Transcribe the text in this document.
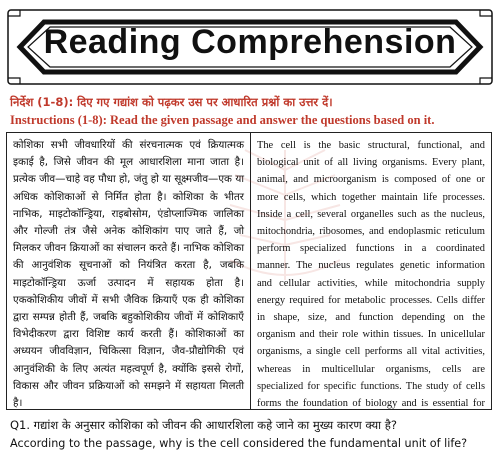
Reading Comprehension
निर्देश (1-8): दिए गए गद्यांश को पढ़कर उस पर आधारित प्रश्नों का उत्तर दें।
Instructions (1-8): Read the given passage and answer the questions based on it.
कोशिका सभी जीवधारियों की संरचनात्मक एवं क्रियात्मक इकाई है, जिसे जीवन की मूल आधारशिला माना जाता है। प्रत्येक जीव—चाहे वह पौधा हो, जंतु हो या सूक्ष्मजीव—एक या अधिक कोशिकाओं से निर्मित होता है। कोशिका के भीतर नाभिक, माइटोकॉन्ड्रिया, राइबोसोम, एंडोप्लाज्मिक जालिका और गोल्जी तंत्र जैसे अनेक कोशिकांग पाए जाते हैं, जो मिलकर जीवन क्रियाओं का संचालन करते हैं। नाभिक कोशिका की आनुवंशिक सूचनाओं को नियंत्रित करता है, जबकि माइटोकॉन्ड्रिया ऊर्जा उत्पादन में सहायक होता है। एककोशिकीय जीवों में सभी जैविक क्रियाएँ एक ही कोशिका द्वारा सम्पन्न होती हैं, जबकि बहुकोशिकीय जीवों में कोशिकाएँ विभेदीकरण द्वारा विशिष्ट कार्य करती हैं। कोशिकाओं का अध्ययन जीवविज्ञान, चिकित्सा विज्ञान, जैव-प्रौद्योगिकी एवं आनुवंशिकी के लिए अत्यंत महत्वपूर्ण है, क्योंकि इससे रोगों, विकास और जीवन प्रक्रियाओं को समझने में सहायता मिलती है।
The cell is the basic structural, functional, and biological unit of all living organisms. Every plant, animal, and microorganism is composed of one or more cells, which together maintain life processes. Inside a cell, several organelles such as the nucleus, mitochondria, ribosomes, and endoplasmic reticulum perform specialized functions in a coordinated manner. The nucleus regulates genetic information and cellular activities, while mitochondria supply energy required for metabolic processes. Cells differ in shape, size, and function depending on the organism and their role within tissues. In unicellular organisms, a single cell performs all vital activities, whereas in multicellular organisms, cells are specialized for specific functions. The study of cells forms the foundation of biology and is essential for
Q1. गद्यांश के अनुसार कोशिका को जीवन की आधारशिला कहे जाने का मुख्य कारण क्या है?
According to the passage, why is the cell considered the fundamental unit of life?
